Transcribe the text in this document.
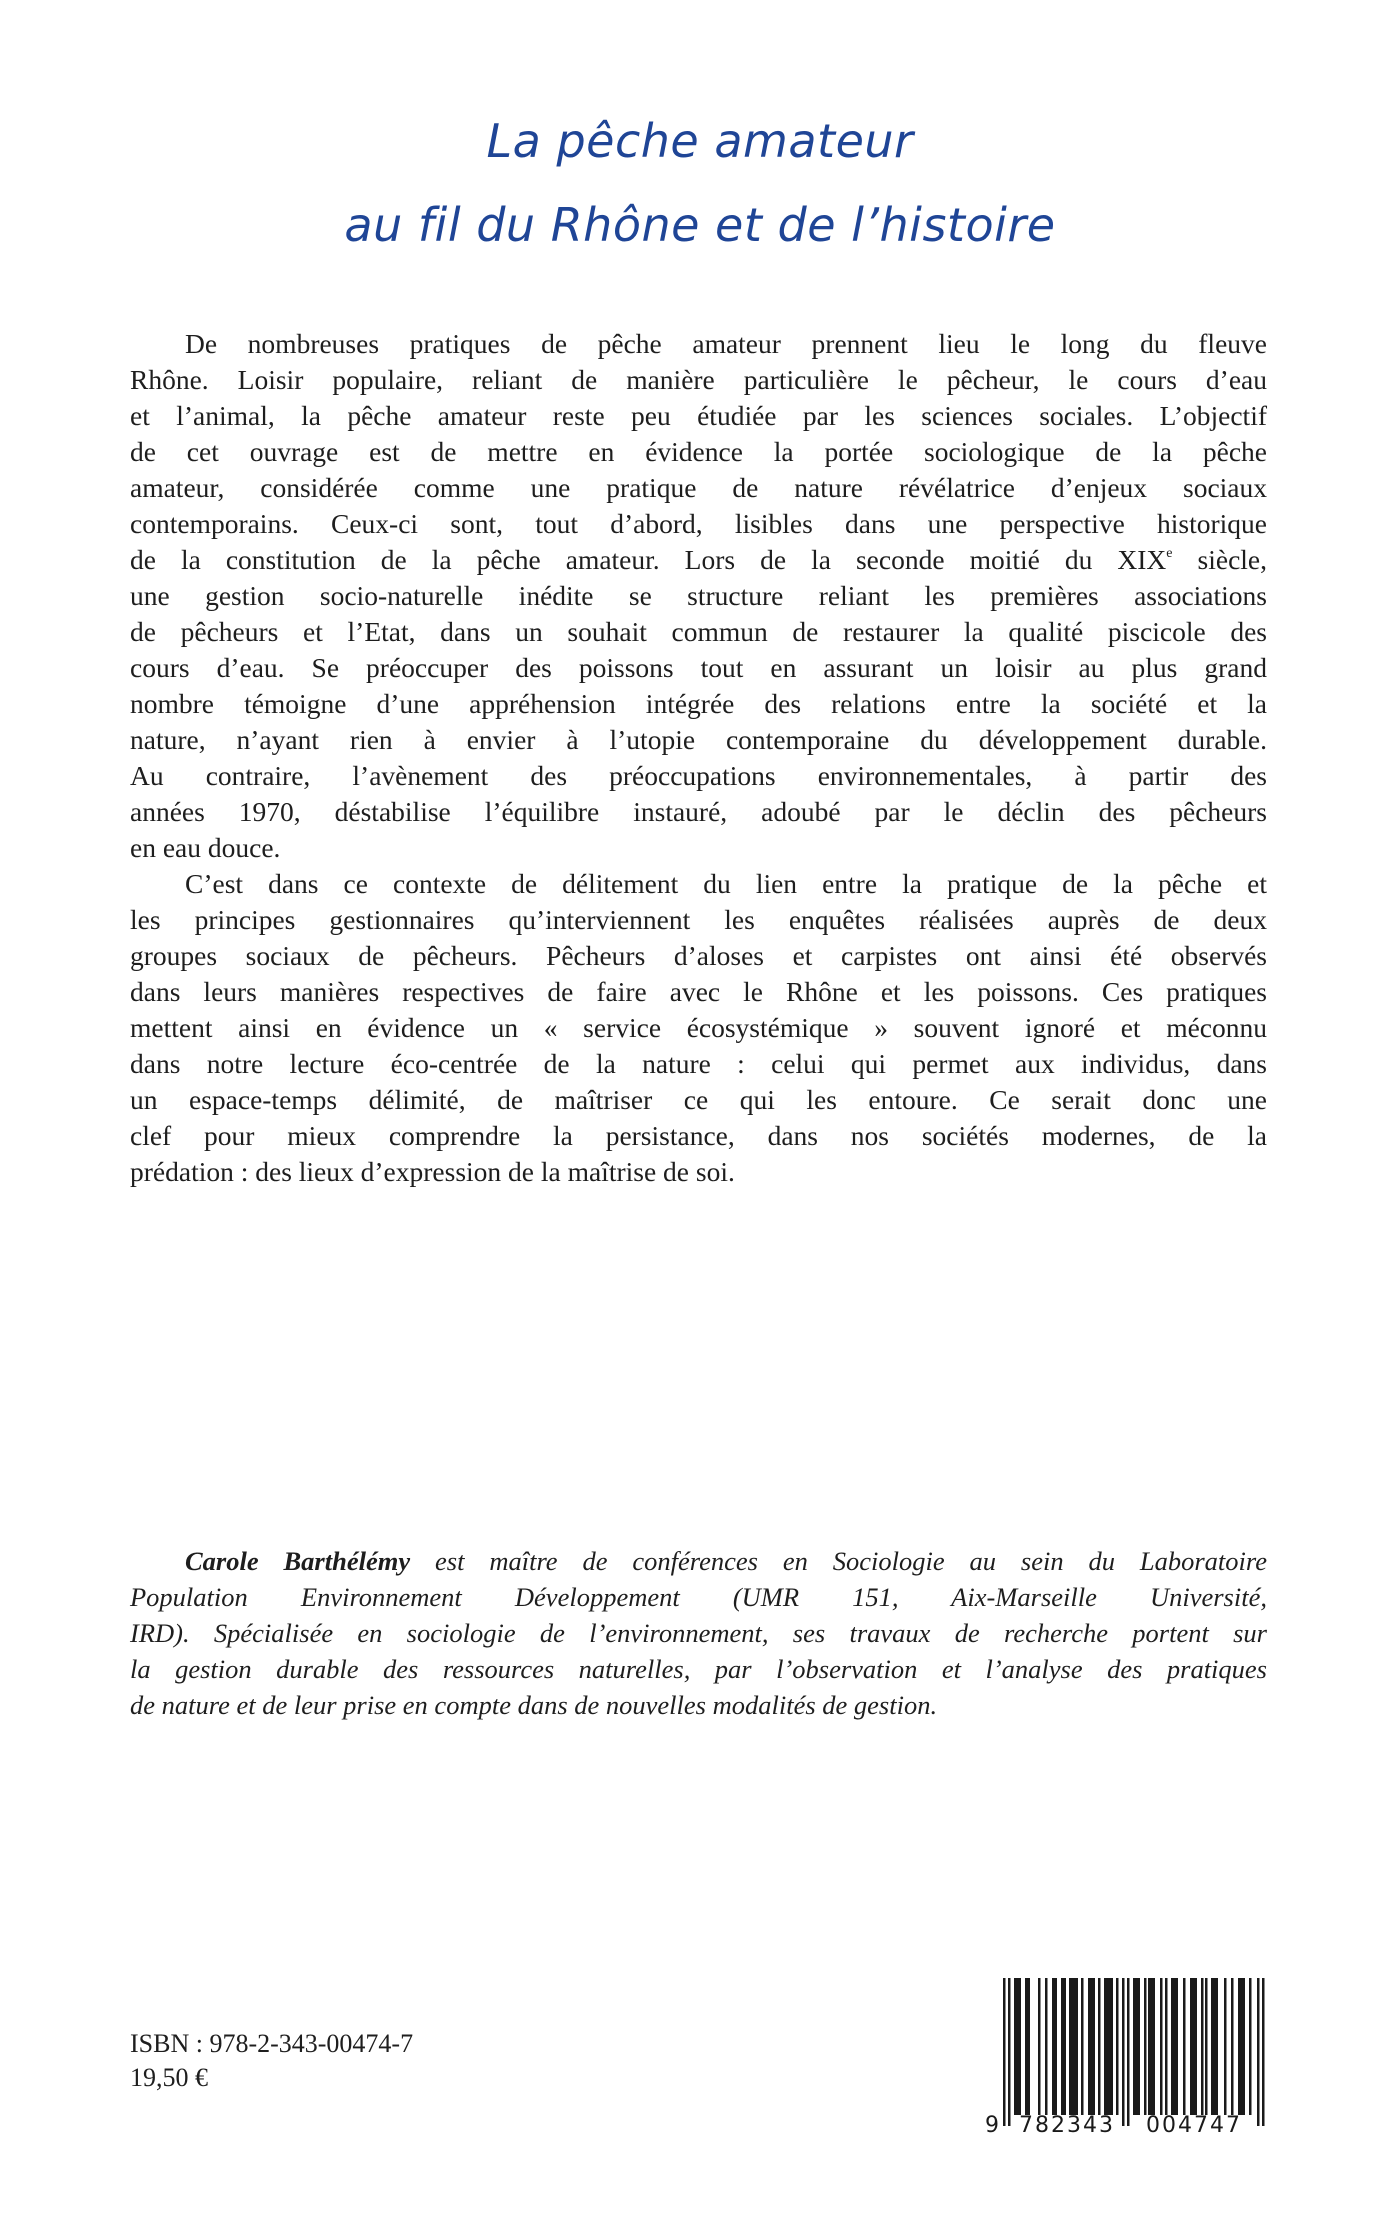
La pêche amateur
au fil du Rhône et de l’histoire
De nombreuses pratiques de pêche amateur prennent lieu le long du fleuve
Rhône. Loisir populaire, reliant de manière particulière le pêcheur, le cours d’eau
et l’animal, la pêche amateur reste peu étudiée par les sciences sociales. L’objectif
de cet ouvrage est de mettre en évidence la portée sociologique de la pêche
amateur, considérée comme une pratique de nature révélatrice d’enjeux sociaux
contemporains. Ceux-ci sont, tout d’abord, lisibles dans une perspective historique
de la constitution de la pêche amateur. Lors de la seconde moitié du XIXe siècle,
une gestion socio-naturelle inédite se structure reliant les premières associations
de pêcheurs et l’Etat, dans un souhait commun de restaurer la qualité piscicole des
cours d’eau. Se préoccuper des poissons tout en assurant un loisir au plus grand
nombre témoigne d’une appréhension intégrée des relations entre la société et la
nature, n’ayant rien à envier à l’utopie contemporaine du développement durable.
Au contraire, l’avènement des préoccupations environnementales, à partir des
années 1970, déstabilise l’équilibre instauré, adoubé par le déclin des pêcheurs
en eau douce.
C’est dans ce contexte de délitement du lien entre la pratique de la pêche et
les principes gestionnaires qu’interviennent les enquêtes réalisées auprès de deux
groupes sociaux de pêcheurs. Pêcheurs d’aloses et carpistes ont ainsi été observés
dans leurs manières respectives de faire avec le Rhône et les poissons. Ces pratiques
mettent ainsi en évidence un « service écosystémique » souvent ignoré et méconnu
dans notre lecture éco-centrée de la nature : celui qui permet aux individus, dans
un espace-temps délimité, de maîtriser ce qui les entoure. Ce serait donc une
clef pour mieux comprendre la persistance, dans nos sociétés modernes, de la
prédation : des lieux d’expression de la maîtrise de soi.
Carole Barthélémy est maître de conférences en Sociologie au sein du Laboratoire
Population Environnement Développement (UMR 151, Aix-Marseille Université,
IRD). Spécialisée en sociologie de l’environnement, ses travaux de recherche portent sur
la gestion durable des ressources naturelles, par l’observation et l’analyse des pratiques
de nature et de leur prise en compte dans de nouvelles modalités de gestion.
ISBN : 978-2-343-00474-7
19,50 €
9 782343	004747
